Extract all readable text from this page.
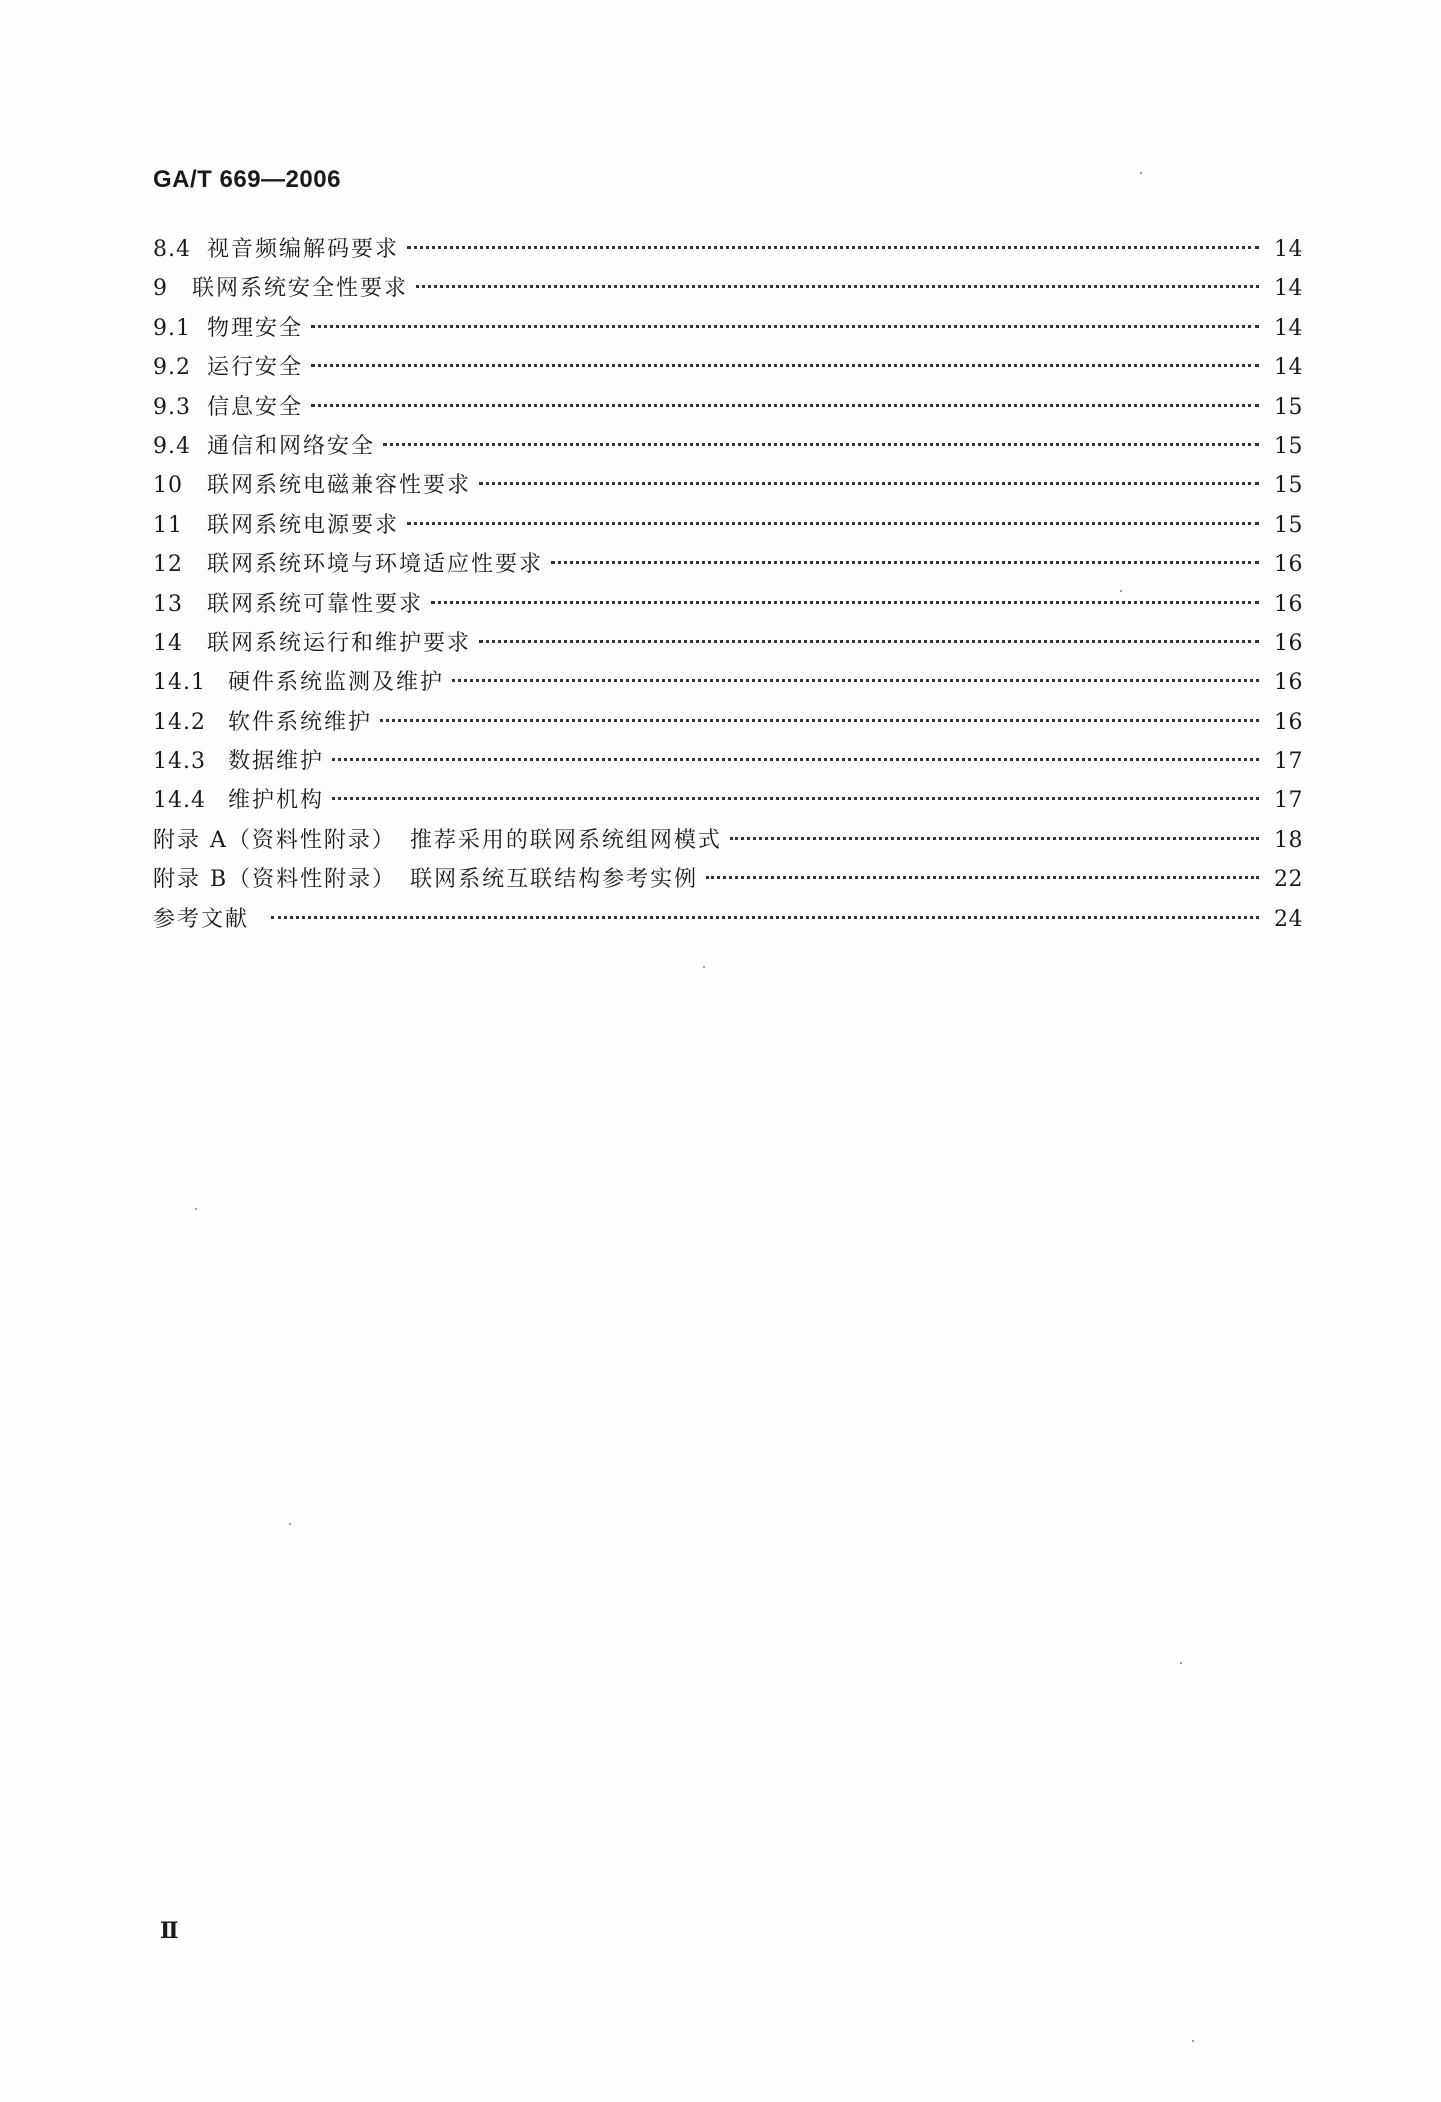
GA/T 669—2006
8.4 视音频编解码要求	14
9	联网系统安全性要求	14
9.1 物理安全	14
9.2 运行安全	14
9.3 信息安全	15
9.4 通信和网络安全	15
10	联网系统电磁兼容性要求	15
11	联网系统电源要求	15
12	联网系统环境与环境适应性要求	16
13	联网系统可靠性要求	16
14	联网系统运行和维护要求	16
14.1	硬件系统监测及维护	16
14.2	软件系统维护	16
14.3	数据维护	17
14.4	维护机构	17
附录 A（资料性附录） 推荐采用的联网系统组网模式	18
附录 B（资料性附录） 联网系统互联结构参考实例	22
参考文献	24
Ⅱ
